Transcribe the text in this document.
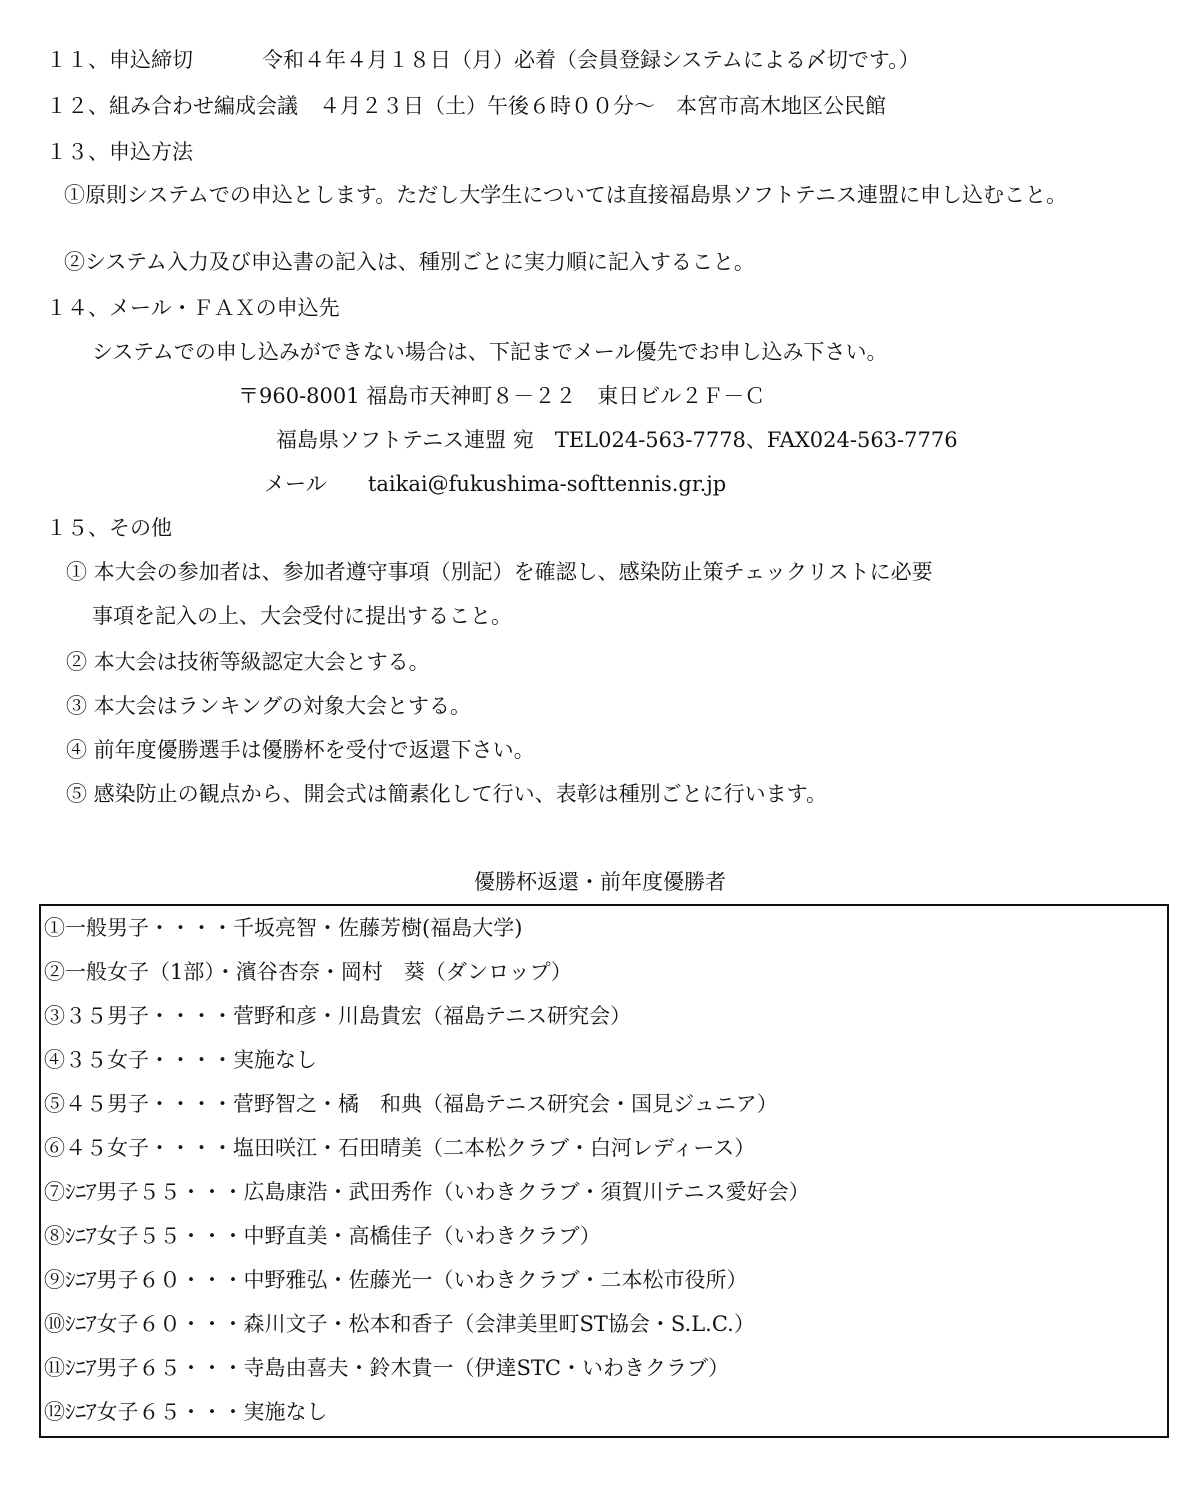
１１、申込締切	令和４年４月１８日（月）必着（会員登録システムによる〆切です。）
１２、組み合わせ編成会議　４月２３日（土）午後６時００分～　本宮市高木地区公民館
１３、申込方法
①原則システムでの申込とします。ただし大学生については直接福島県ソフトテニス連盟に申し込むこと。
②システム入力及び申込書の記入は、種別ごとに実力順に記入すること。
１４、メール・ＦＡＸの申込先
システムでの申し込みができない場合は、下記までメール優先でお申し込み下さい。
〒960-8001 福島市天神町８－２２　東日ビル２Ｆ－Ｃ
福島県ソフトテニス連盟 宛　TEL024-563-7778、FAX024-563-7776
メール taikai@fukushima-softtennis.gr.jp
１５、その他
① 本大会の参加者は、参加者遵守事項（別記）を確認し、感染防止策チェックリストに必要
事項を記入の上、大会受付に提出すること。
② 本大会は技術等級認定大会とする。
③ 本大会はランキングの対象大会とする。
④ 前年度優勝選手は優勝杯を受付で返還下さい。
⑤ 感染防止の観点から、開会式は簡素化して行い、表彰は種別ごとに行います。
優勝杯返還・前年度優勝者
①一般男子・・・・千坂亮智・佐藤芳樹(福島大学)
②一般女子（1部）・濱谷杏奈・岡村　葵（ダンロップ）
③３５男子・・・・菅野和彦・川島貴宏（福島テニス研究会）
④３５女子・・・・実施なし
⑤４５男子・・・・菅野智之・橘　和典（福島テニス研究会・国見ジュニア）
⑥４５女子・・・・塩田咲江・石田晴美（二本松クラブ・白河レディース）
⑦ｼﾆｱ男子５５・・・広島康浩・武田秀作（いわきクラブ・須賀川テニス愛好会）
⑧ｼﾆｱ女子５５・・・中野直美・高橋佳子（いわきクラブ）
⑨ｼﾆｱ男子６０・・・中野雅弘・佐藤光一（いわきクラブ・二本松市役所）
⑩ｼﾆｱ女子６０・・・森川文子・松本和香子（会津美里町ST協会・S.L.C.）
⑪ｼﾆｱ男子６５・・・寺島由喜夫・鈴木貴一（伊達STC・いわきクラブ）
⑫ｼﾆｱ女子６５・・・実施なし
